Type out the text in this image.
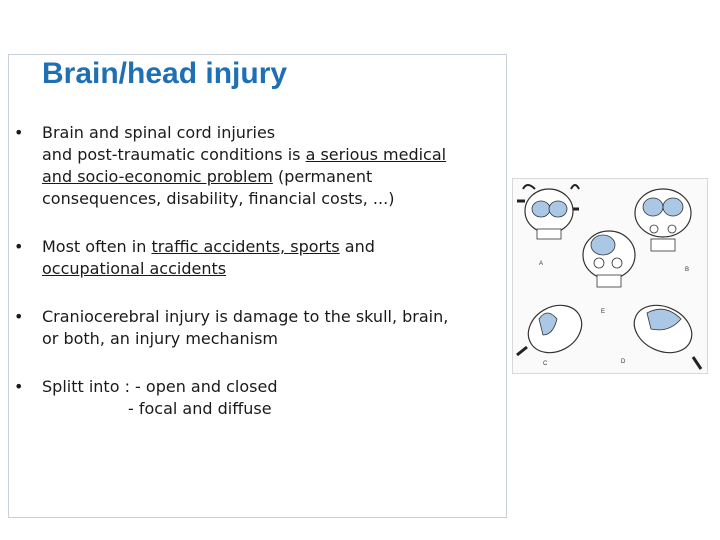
Brain/head injury
• Brain and spinal cord injuries
and post-traumatic conditions is a serious medical
and socio-economic problem (permanent
consequences, disability, financial costs, ...)
• Most often in traffic accidents, sports and
occupational accidents
• Craniocerebral injury is damage to the skull, brain,
or both, an injury mechanism
• Splitt into : - open and closed
- focal and diffuse
A
B
E
C	D
